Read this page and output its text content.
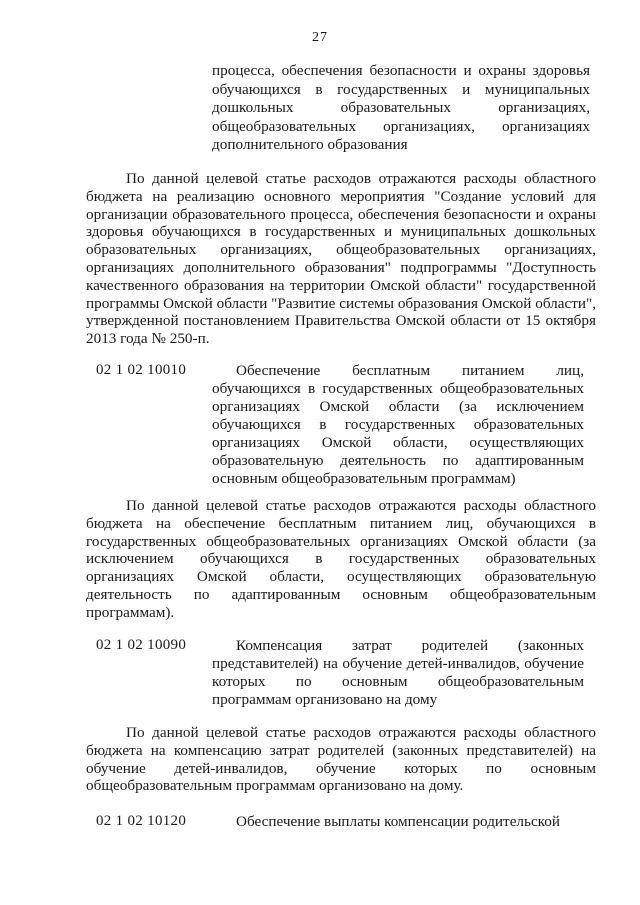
27
процесса, обеспечения безопасности и охраны здоровья обучающихся в государственных и муниципальных дошкольных образовательных организациях, общеобразовательных организациях, организациях дополнительного образования
По данной целевой статье расходов отражаются расходы областного бюджета на реализацию основного мероприятия "Создание условий для организации образовательного процесса, обеспечения безопасности и охраны здоровья обучающихся в государственных и муниципальных дошкольных образовательных организациях, общеобразовательных организациях, организациях дополнительного образования" подпрограммы "Доступность качественного образования на территории Омской области" государственной программы Омской области "Развитие системы образования Омской области", утвержденной постановлением Правительства Омской области от 15 октября 2013 года № 250-п.
02 1 02 10010	Обеспечение бесплатным питанием лиц, обучающихся в государственных общеобразовательных организациях Омской области (за исключением обучающихся в государственных образовательных организациях Омской области, осуществляющих образовательную деятельность по адаптированным основным общеобразовательным программам)
По данной целевой статье расходов отражаются расходы областного бюджета на обеспечение бесплатным питанием лиц, обучающихся в государственных общеобразовательных организациях Омской области (за исключением обучающихся в государственных образовательных организациях Омской области, осуществляющих образовательную деятельность по адаптированным основным общеобразовательным программам).
02 1 02 10090	Компенсация затрат родителей (законных представителей) на обучение детей-инвалидов, обучение которых по основным общеобразовательным программам организовано на дому
По данной целевой статье расходов отражаются расходы областного бюджета на компенсацию затрат родителей (законных представителей) на обучение детей-инвалидов, обучение которых по основным общеобразовательным программам организовано на дому.
02 1 02 10120	Обеспечение выплаты компенсации родительской
